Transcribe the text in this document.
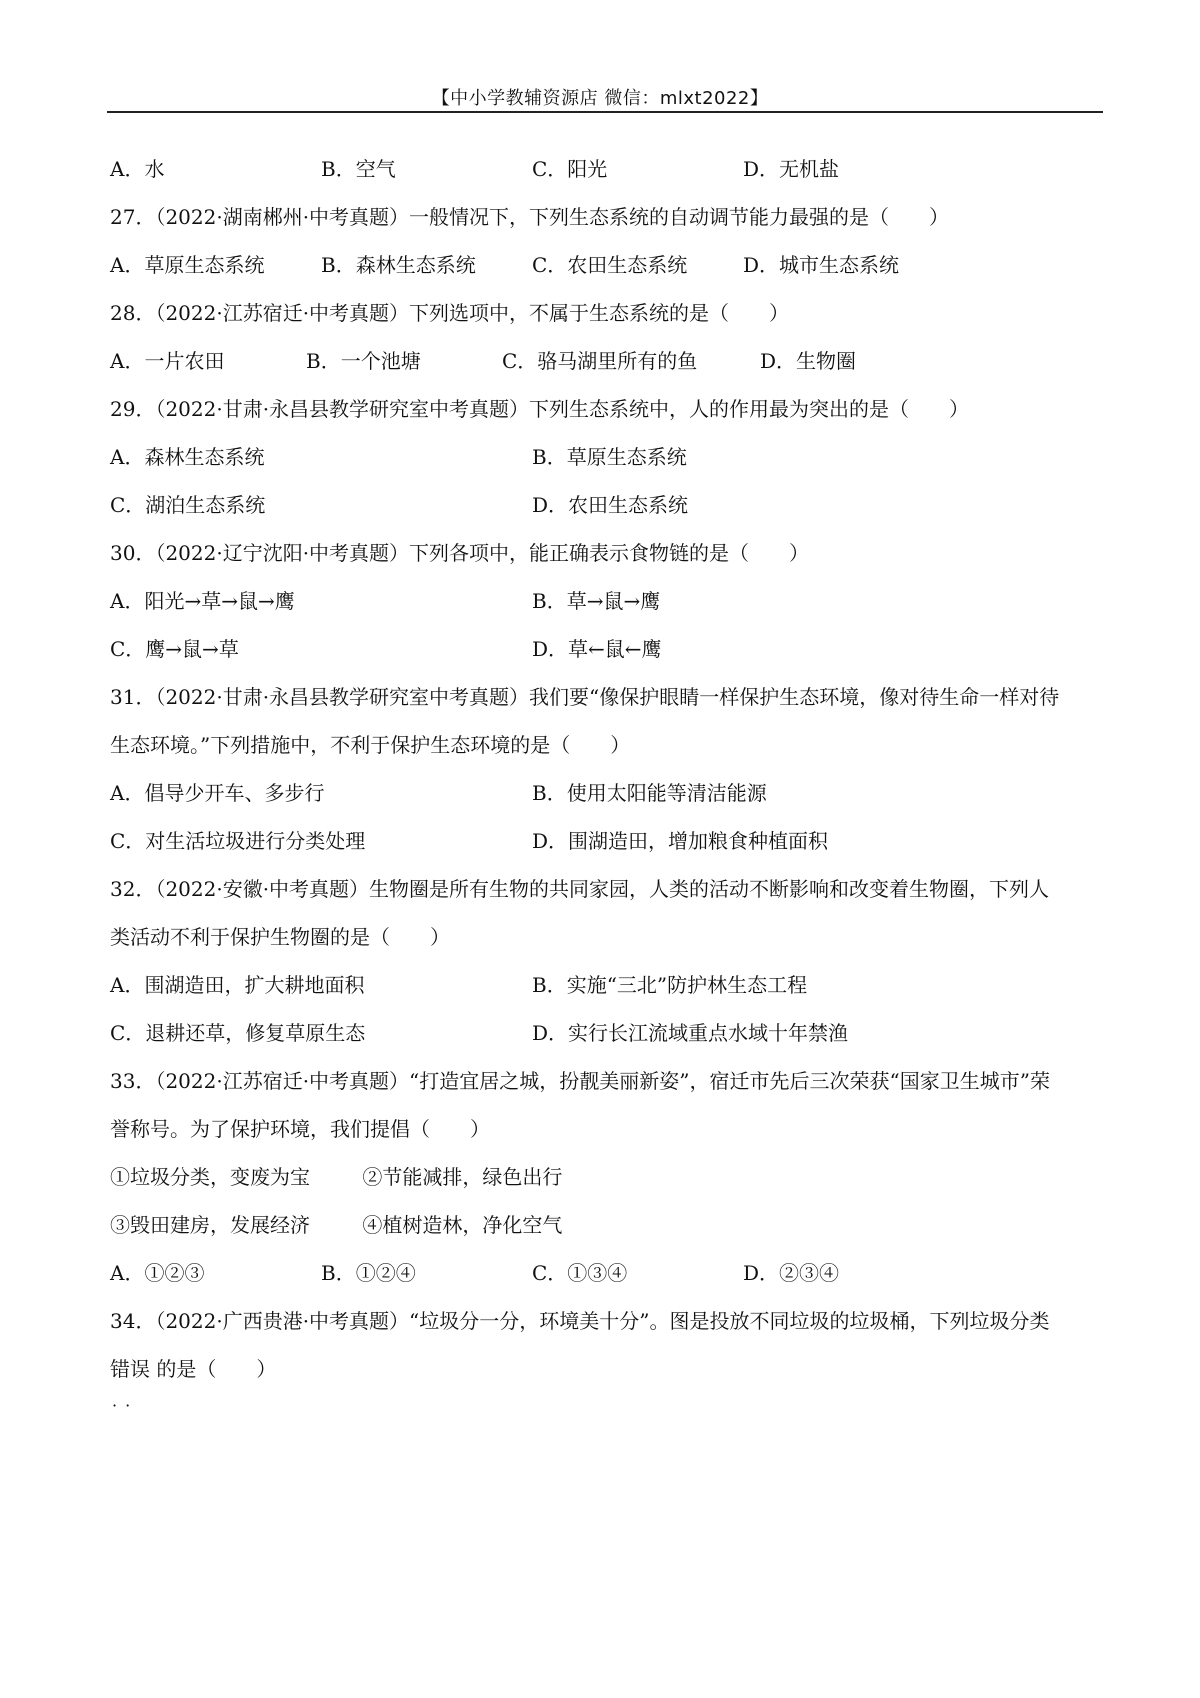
【中小学教辅资源店 微信：mlxt2022】
A．水	B．空气	C．阳光	D．无机盐
27．（2022·湖南郴州·中考真题）一般情况下，下列生态系统的自动调节能力最强的是（　　）
A．草原生态系统	B．森林生态系统	C．农田生态系统	D．城市生态系统
28．（2022·江苏宿迁·中考真题）下列选项中，不属于生态系统的是（　　）
A．一片农田	B．一个池塘	C．骆马湖里所有的鱼	D．生物圈
29．（2022·甘肃·永昌县教学研究室中考真题）下列生态系统中，人的作用最为突出的是（　　）
A．森林生态系统	B．草原生态系统
C．湖泊生态系统	D．农田生态系统
30．（2022·辽宁沈阳·中考真题）下列各项中，能正确表示食物链的是（　　）
A．阳光→草→鼠→鹰	B．草→鼠→鹰
C．鹰→鼠→草	D．草←鼠←鹰
31．（2022·甘肃·永昌县教学研究室中考真题）我们要“像保护眼睛一样保护生态环境，像对待生命一样对待
生态环境。”下列措施中，不利于保护生态环境的是（　　）
A．倡导少开车、多步行	B．使用太阳能等清洁能源
C．对生活垃圾进行分类处理	D．围湖造田，增加粮食种植面积
32．（2022·安徽·中考真题）生物圈是所有生物的共同家园，人类的活动不断影响和改变着生物圈，下列人
类活动不利于保护生物圈的是（　　）
A．围湖造田，扩大耕地面积	B．实施“三北”防护林生态工程
C．退耕还草，修复草原生态	D．实行长江流域重点水域十年禁渔
33．（2022·江苏宿迁·中考真题）“打造宜居之城，扮靓美丽新姿”，宿迁市先后三次荣获“国家卫生城市”荣
誉称号。为了保护环境，我们提倡（　　）
①垃圾分类，变废为宝	②节能减排，绿色出行
③毁田建房，发展经济	④植树造林，净化空气
A．①②③	B．①②④	C．①③④	D．②③④
34．（2022·广西贵港·中考真题）“垃圾分一分，环境美十分”。图是投放不同垃圾的垃圾桶，下列垃圾分类
错误
··
的是（　　）
